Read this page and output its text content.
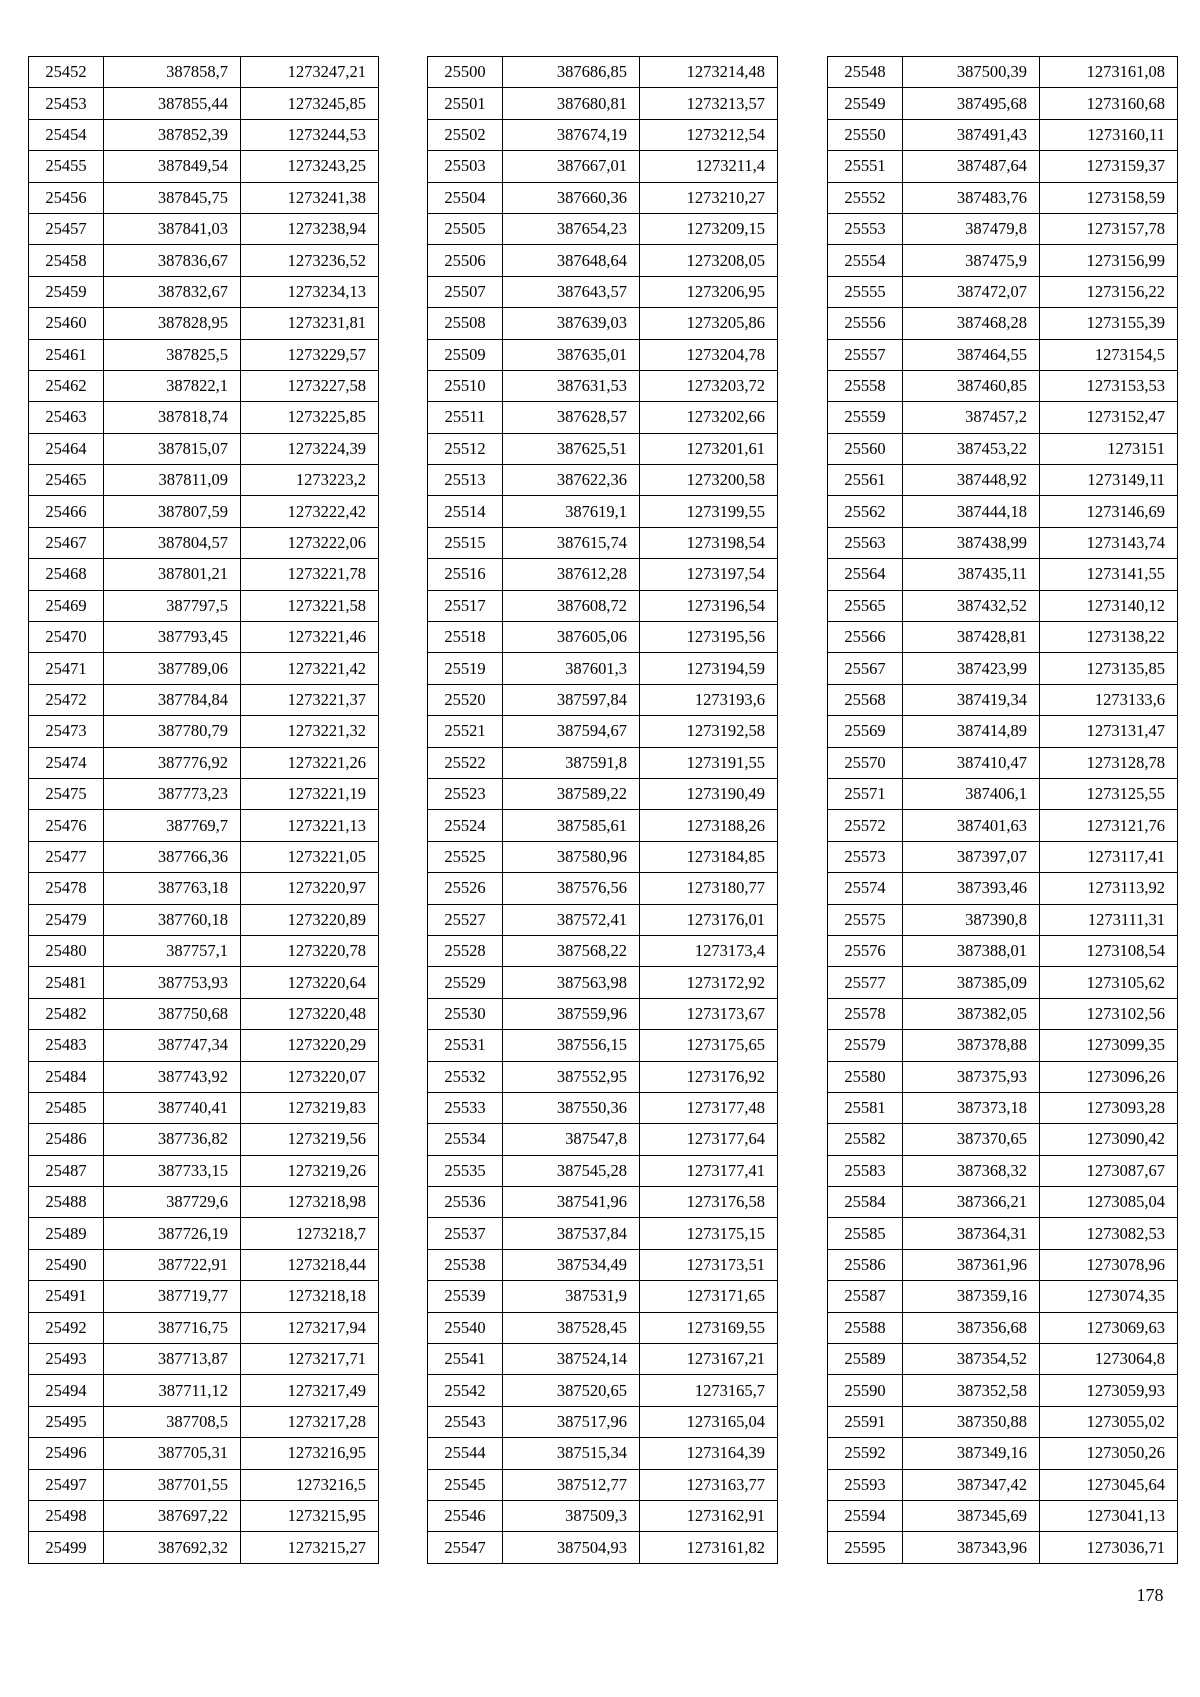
25452	387858,7	1273247,21
25453	387855,44	1273245,85
25454	387852,39	1273244,53
25455	387849,54	1273243,25
25456	387845,75	1273241,38
25457	387841,03	1273238,94
25458	387836,67	1273236,52
25459	387832,67	1273234,13
25460	387828,95	1273231,81
25461	387825,5	1273229,57
25462	387822,1	1273227,58
25463	387818,74	1273225,85
25464	387815,07	1273224,39
25465	387811,09	1273223,2
25466	387807,59	1273222,42
25467	387804,57	1273222,06
25468	387801,21	1273221,78
25469	387797,5	1273221,58
25470	387793,45	1273221,46
25471	387789,06	1273221,42
25472	387784,84	1273221,37
25473	387780,79	1273221,32
25474	387776,92	1273221,26
25475	387773,23	1273221,19
25476	387769,7	1273221,13
25477	387766,36	1273221,05
25478	387763,18	1273220,97
25479	387760,18	1273220,89
25480	387757,1	1273220,78
25481	387753,93	1273220,64
25482	387750,68	1273220,48
25483	387747,34	1273220,29
25484	387743,92	1273220,07
25485	387740,41	1273219,83
25486	387736,82	1273219,56
25487	387733,15	1273219,26
25488	387729,6	1273218,98
25489	387726,19	1273218,7
25490	387722,91	1273218,44
25491	387719,77	1273218,18
25492	387716,75	1273217,94
25493	387713,87	1273217,71
25494	387711,12	1273217,49
25495	387708,5	1273217,28
25496	387705,31	1273216,95
25497	387701,55	1273216,5
25498	387697,22	1273215,95
25499	387692,32	1273215,27
25500	387686,85	1273214,48
25501	387680,81	1273213,57
25502	387674,19	1273212,54
25503	387667,01	1273211,4
25504	387660,36	1273210,27
25505	387654,23	1273209,15
25506	387648,64	1273208,05
25507	387643,57	1273206,95
25508	387639,03	1273205,86
25509	387635,01	1273204,78
25510	387631,53	1273203,72
25511	387628,57	1273202,66
25512	387625,51	1273201,61
25513	387622,36	1273200,58
25514	387619,1	1273199,55
25515	387615,74	1273198,54
25516	387612,28	1273197,54
25517	387608,72	1273196,54
25518	387605,06	1273195,56
25519	387601,3	1273194,59
25520	387597,84	1273193,6
25521	387594,67	1273192,58
25522	387591,8	1273191,55
25523	387589,22	1273190,49
25524	387585,61	1273188,26
25525	387580,96	1273184,85
25526	387576,56	1273180,77
25527	387572,41	1273176,01
25528	387568,22	1273173,4
25529	387563,98	1273172,92
25530	387559,96	1273173,67
25531	387556,15	1273175,65
25532	387552,95	1273176,92
25533	387550,36	1273177,48
25534	387547,8	1273177,64
25535	387545,28	1273177,41
25536	387541,96	1273176,58
25537	387537,84	1273175,15
25538	387534,49	1273173,51
25539	387531,9	1273171,65
25540	387528,45	1273169,55
25541	387524,14	1273167,21
25542	387520,65	1273165,7
25543	387517,96	1273165,04
25544	387515,34	1273164,39
25545	387512,77	1273163,77
25546	387509,3	1273162,91
25547	387504,93	1273161,82
25548	387500,39	1273161,08
25549	387495,68	1273160,68
25550	387491,43	1273160,11
25551	387487,64	1273159,37
25552	387483,76	1273158,59
25553	387479,8	1273157,78
25554	387475,9	1273156,99
25555	387472,07	1273156,22
25556	387468,28	1273155,39
25557	387464,55	1273154,5
25558	387460,85	1273153,53
25559	387457,2	1273152,47
25560	387453,22	1273151
25561	387448,92	1273149,11
25562	387444,18	1273146,69
25563	387438,99	1273143,74
25564	387435,11	1273141,55
25565	387432,52	1273140,12
25566	387428,81	1273138,22
25567	387423,99	1273135,85
25568	387419,34	1273133,6
25569	387414,89	1273131,47
25570	387410,47	1273128,78
25571	387406,1	1273125,55
25572	387401,63	1273121,76
25573	387397,07	1273117,41
25574	387393,46	1273113,92
25575	387390,8	1273111,31
25576	387388,01	1273108,54
25577	387385,09	1273105,62
25578	387382,05	1273102,56
25579	387378,88	1273099,35
25580	387375,93	1273096,26
25581	387373,18	1273093,28
25582	387370,65	1273090,42
25583	387368,32	1273087,67
25584	387366,21	1273085,04
25585	387364,31	1273082,53
25586	387361,96	1273078,96
25587	387359,16	1273074,35
25588	387356,68	1273069,63
25589	387354,52	1273064,8
25590	387352,58	1273059,93
25591	387350,88	1273055,02
25592	387349,16	1273050,26
25593	387347,42	1273045,64
25594	387345,69	1273041,13
25595	387343,96	1273036,71
178
